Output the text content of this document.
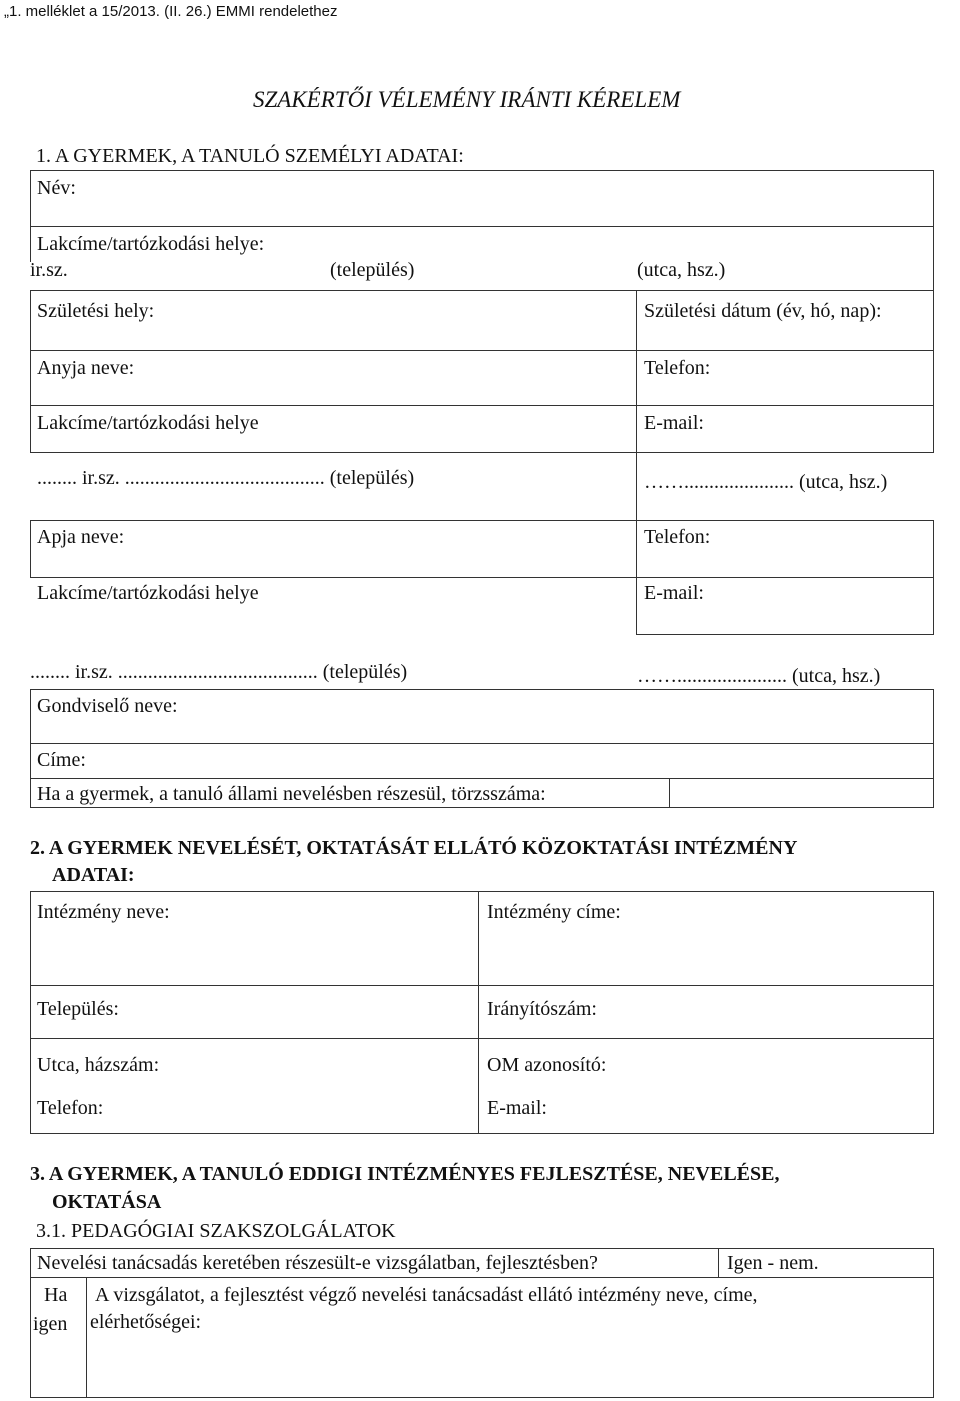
„1. melléklet a 15/2013. (II. 26.) EMMI rendelethez
SZAKÉRTŐI VÉLEMÉNY IRÁNTI KÉRELEM
1. A GYERMEK, A TANULÓ SZEMÉLYI ADATAI:
Név:
Lakcíme/tartózkodási helye:
ir.sz.	(település)	(utca, hsz.)
Születési hely:	Születési dátum (év, hó, nap):
Anyja neve:	Telefon:
Lakcíme/tartózkodási helye	E-mail:
........ ir.sz. ........................................ (település)	……...................... (utca, hsz.)
Apja neve:	Telefon:
Lakcíme/tartózkodási helye	E-mail:
........ ir.sz. ........................................ (település)	……...................... (utca, hsz.)
Gondviselő neve:
Címe:
Ha a gyermek, a tanuló állami nevelésben részesül, törzsszáma:
2. A GYERMEK NEVELÉSÉT, OKTATÁSÁT ELLÁTÓ KÖZOKTATÁSI INTÉZMÉNY
ADATAI:
Intézmény neve:	Intézmény címe:
Település:	Irányítószám:
Utca, házszám:	OM azonosító:
Telefon:	E-mail:
3. A GYERMEK, A TANULÓ EDDIGI INTÉZMÉNYES FEJLESZTÉSE, NEVELÉSE,
OKTATÁSA
3.1. PEDAGÓGIAI SZAKSZOLGÁLATOK
Nevelési tanácsadás keretében részesült-e vizsgálatban, fejlesztésben?	Igen - nem.
Ha
igen
A vizsgálatot, a fejlesztést végző nevelési tanácsadást ellátó intézmény neve, címe,
elérhetőségei:
